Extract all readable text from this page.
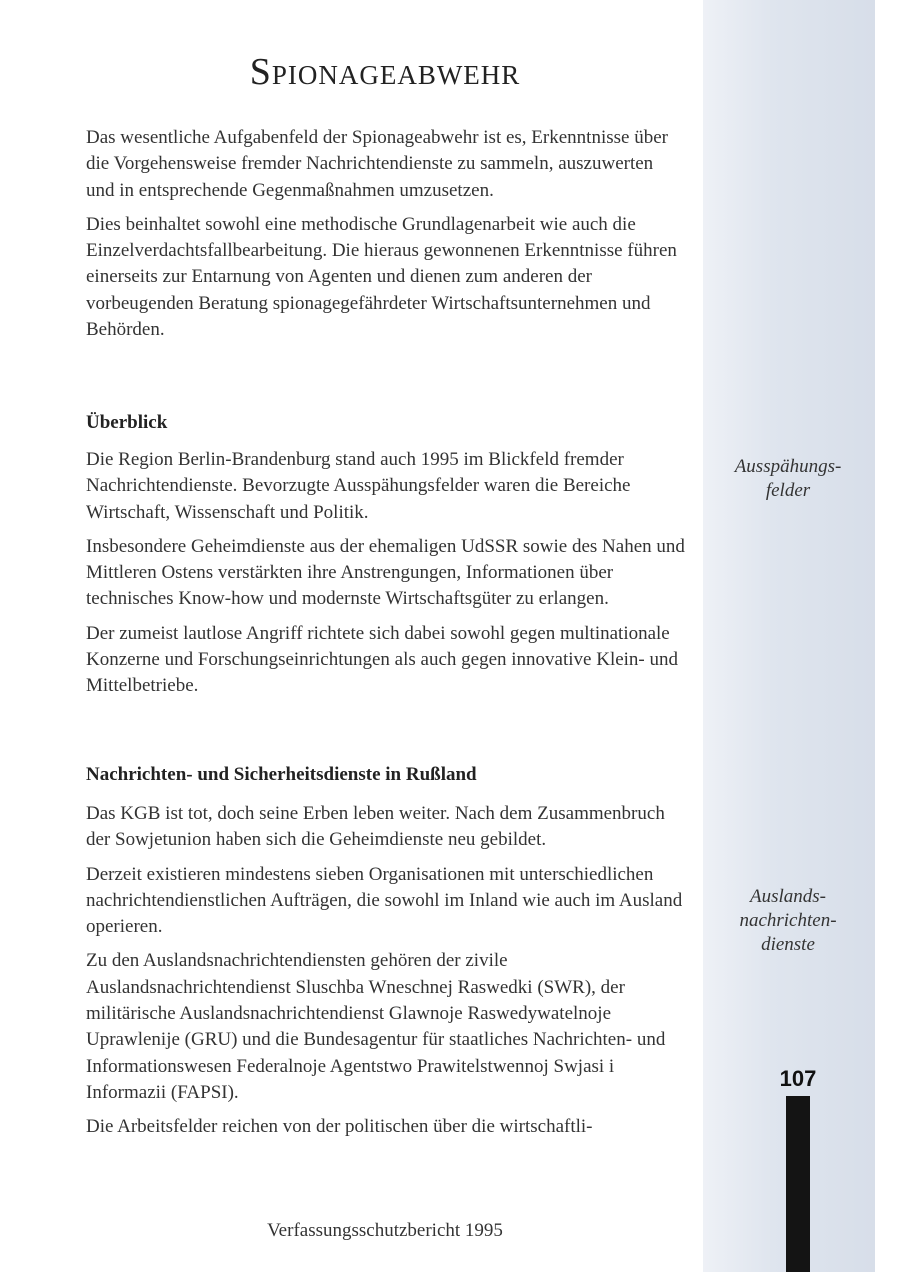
Spionageabwehr

Das wesentliche Aufgabenfeld der Spionageabwehr ist es, Erkenntnisse über die Vorgehensweise fremder Nachrichtendienste zu sammeln, auszuwerten und in entsprechende Gegenmaßnahmen umzusetzen.

Dies beinhaltet sowohl eine methodische Grundlagenarbeit wie auch die Einzelverdachtsfallbearbeitung. Die hieraus gewonnenen Erkenntnisse führen einerseits zur Entarnung von Agenten und dienen zum anderen der vorbeugenden Beratung spionagegefährdeter Wirtschaftsunternehmen und Behörden.

Überblick

Die Region Berlin-Brandenburg stand auch 1995 im Blickfeld fremder Nachrichtendienste. Bevorzugte Ausspähungsfelder waren die Bereiche Wirtschaft, Wissenschaft und Politik.

Insbesondere Geheimdienste aus der ehemaligen UdSSR sowie des Nahen und Mittleren Ostens verstärkten ihre Anstrengungen, Informationen über technisches Know-how und modernste Wirtschaftsgüter zu erlangen.

Der zumeist lautlose Angriff richtete sich dabei sowohl gegen multinationale Konzerne und Forschungseinrichtungen als auch gegen innovative Klein- und Mittelbetriebe.

Nachrichten- und Sicherheitsdienste in Rußland

Das KGB ist tot, doch seine Erben leben weiter. Nach dem Zusammenbruch der Sowjetunion haben sich die Geheimdienste neu gebildet.

Derzeit existieren mindestens sieben Organisationen mit unterschiedlichen nachrichtendienstlichen Aufträgen, die sowohl im Inland wie auch im Ausland operieren.

Zu den Auslandsnachrichtendiensten gehören der zivile Auslandsnachrichtendienst Sluschba Wneschnej Raswedki (SWR), der militärische Auslandsnachrichtendienst Glawnoje Raswedywatelnoje Uprawlenije (GRU) und die Bundesagentur für staatliches Nachrichten- und Informationswesen Federalnoje Agentstwo Prawitelstwennoj Swjasi i Informazii (FAPSI).

Die Arbeitsfelder reichen von der politischen über die wirtschaftli-

Ausspähungs- felder
Auslands- nachrichten- dienste
107
Verfassungsschutzbericht 1995
